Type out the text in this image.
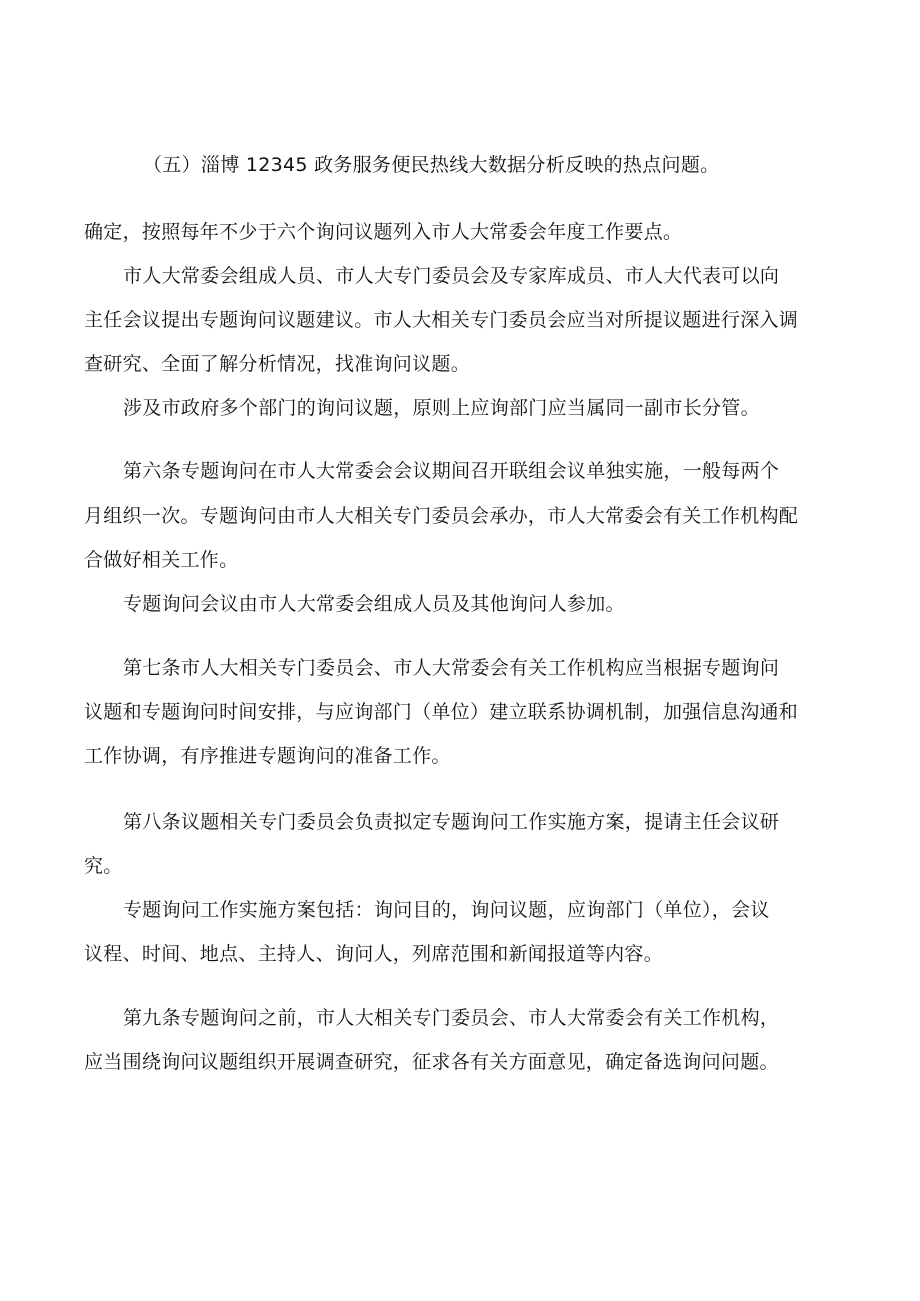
（五）淄博 12345 政务服务便民热线大数据分析反映的热点问题。
确定，按照每年不少于六个询问议题列入市人大常委会年度工作要点。
市人大常委会组成人员、市人大专门委员会及专家库成员、市人大代表可以向
主任会议提出专题询问议题建议。市人大相关专门委员会应当对所提议题进行深入调
查研究、全面了解分析情况，找准询问议题。
涉及市政府多个部门的询问议题，原则上应询部门应当属同一副市长分管。
第六条专题询问在市人大常委会会议期间召开联组会议单独实施，一般每两个
月组织一次。专题询问由市人大相关专门委员会承办，市人大常委会有关工作机构配
合做好相关工作。
专题询问会议由市人大常委会组成人员及其他询问人参加。
第七条市人大相关专门委员会、市人大常委会有关工作机构应当根据专题询问
议题和专题询问时间安排，与应询部门（单位）建立联系协调机制，加强信息沟通和
工作协调，有序推进专题询问的准备工作。
第八条议题相关专门委员会负责拟定专题询问工作实施方案，提请主任会议研
究。
专题询问工作实施方案包括：询问目的，询问议题，应询部门（单位），会议
议程、时间、地点、主持人、询问人，列席范围和新闻报道等内容。
第九条专题询问之前，市人大相关专门委员会、市人大常委会有关工作机构，
应当围绕询问议题组织开展调查研究，征求各有关方面意见，确定备选询问问题。
